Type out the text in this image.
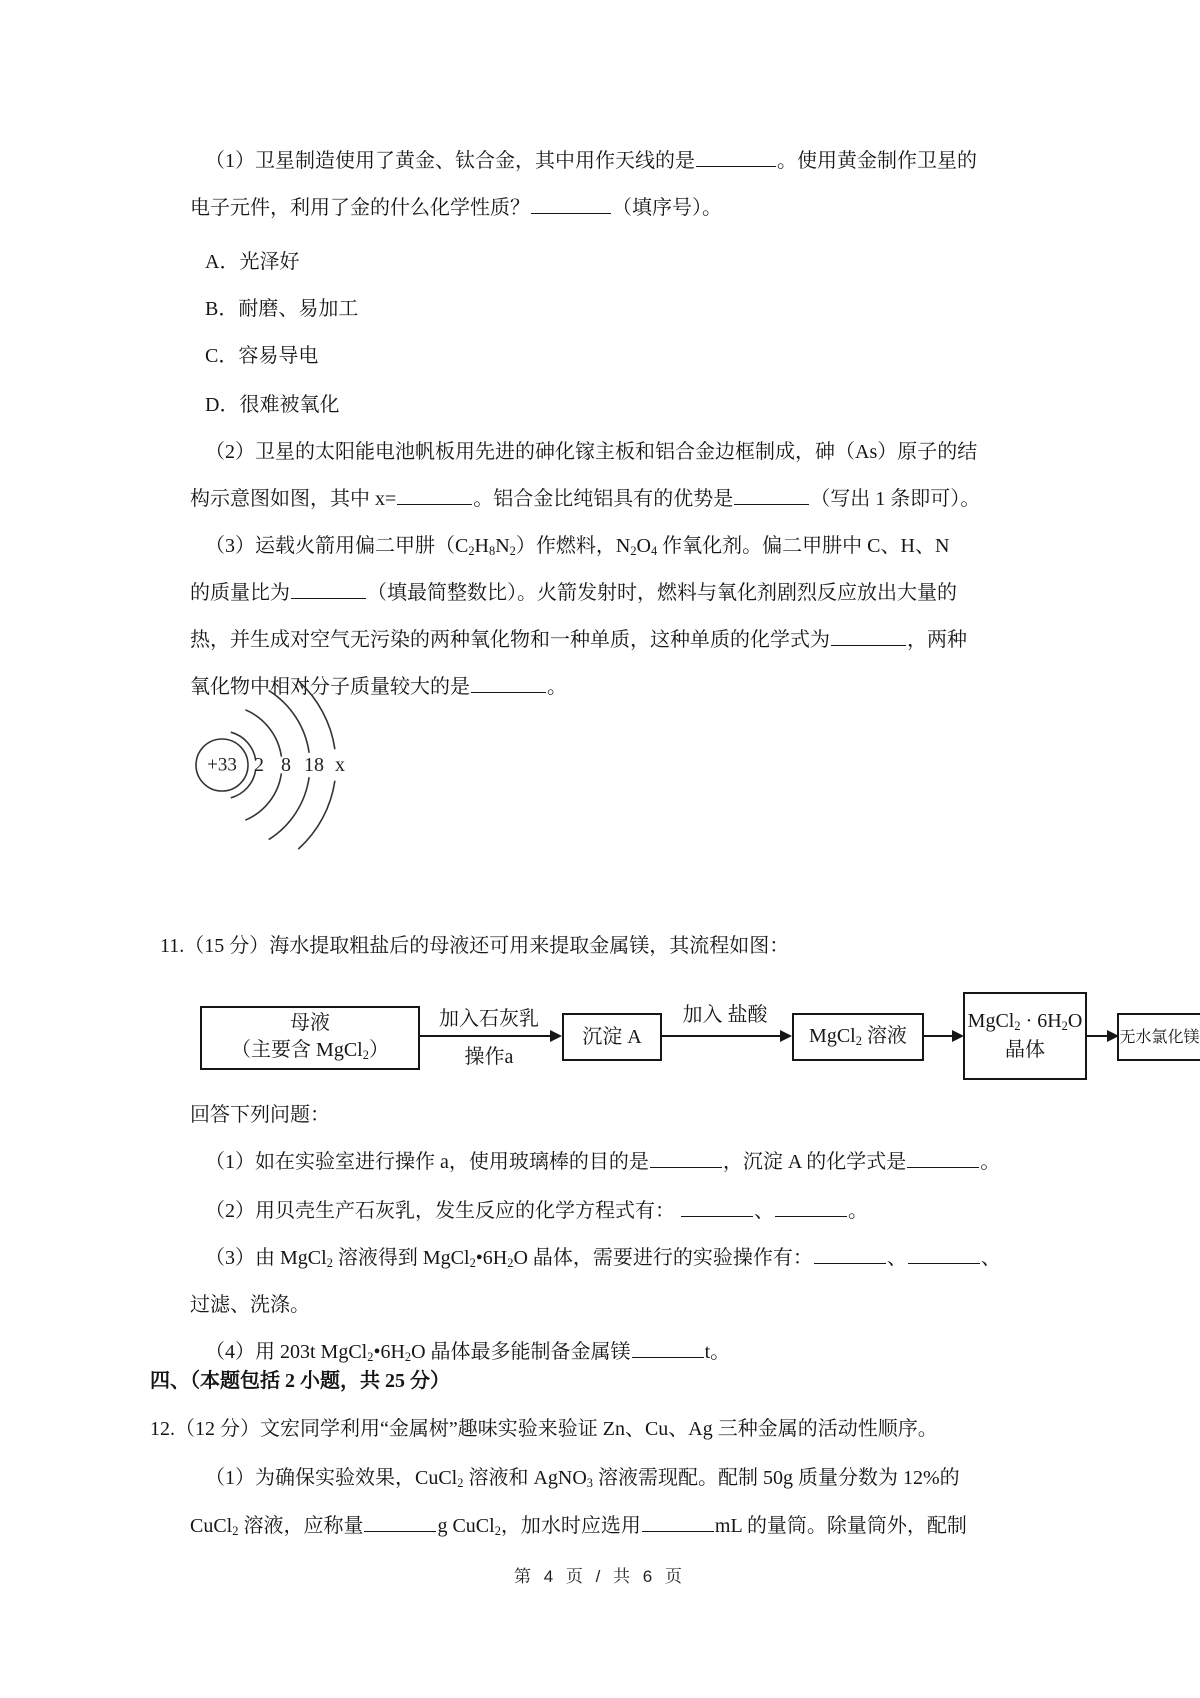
（1）卫星制造使用了黄金、钛合金，其中用作天线的是	。使用黄金制作卫星的
电子元件，利用了金的什么化学性质？	（填序号）。
A．光泽好
B．耐磨、易加工
C．容易导电
D．很难被氧化
（2）卫星的太阳能电池帆板用先进的砷化镓主板和铝合金边框制成，砷（As）原子的结
构示意图如图，其中 x=	。铝合金比纯铝具有的优势是	（写出 1 条即可）。
（3）运载火箭用偏二甲肼（C2H8N2）作燃料，N2O4 作氧化剂。偏二甲肼中 C、H、N
的质量比为	（填最简整数比）。火箭发射时，燃料与氧化剂剧烈反应放出大量的
热，并生成对空气无污染的两种氧化物和一种单质，这种单质的化学式为	，两种
氧化物中相对分子质量较大的是	。
11.（15 分）海水提取粗盐后的母液还可用来提取金属镁，其流程如图：
回答下列问题：
（1）如在实验室进行操作 a，使用玻璃棒的目的是	，沉淀 A 的化学式是	。
（2）用贝壳生产石灰乳，发生反应的化学方程式有：	、	。
（3）由 MgCl2 溶液得到 MgCl2•6H2O 晶体，需要进行的实验操作有：	、	、
过滤、洗涤。
（4）用 203t MgCl2•6H2O 晶体最多能制备金属镁	t。
四、（本题包括 2 小题，共 25 分）
12.（12 分）文宏同学利用“金属树”趣味实验来验证 Zn、Cu、Ag 三种金属的活动性顺序。
（1）为确保实验效果，CuCl2 溶液和 AgNO3 溶液需现配。配制 50g 质量分数为 12%的
CuCl2 溶液，应称量	g CuCl2，加水时应选用	mL 的量筒。除量筒外，配制
+33 2 8 18 x
母液
（主要含 MgCl2）
加入石灰乳
操作a
沉淀 A
加入 盐酸
MgCl2 溶液
MgCl2 · 6H2O
晶体
无水氯化镁
第 4 页 / 共 6 页
